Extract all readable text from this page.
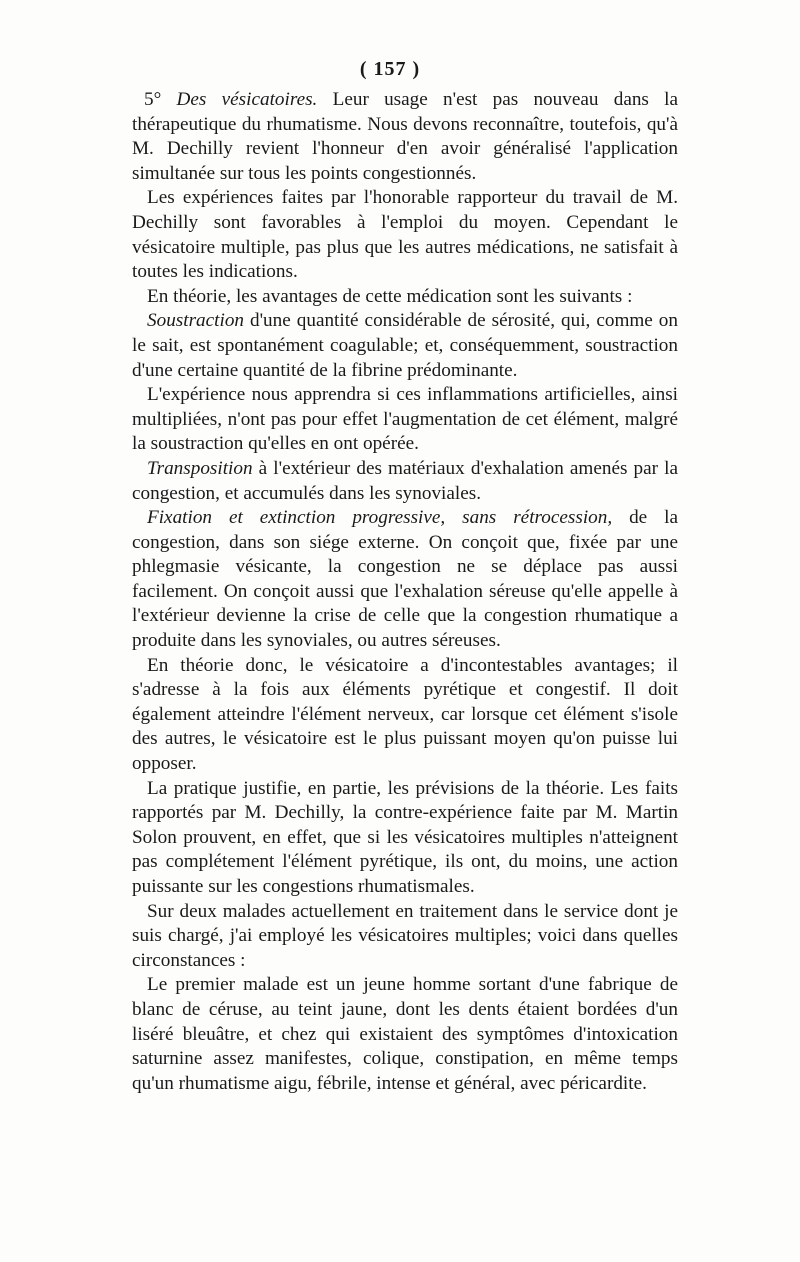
( 157 )

5° Des vésicatoires. Leur usage n'est pas nouveau dans la thérapeutique du rhumatisme. Nous devons reconnaître, toutefois, qu'à M. Dechilly revient l'honneur d'en avoir généralisé l'application simultanée sur tous les points congestionnés.

Les expériences faites par l'honorable rapporteur du travail de M. Dechilly sont favorables à l'emploi du moyen. Cependant le vésicatoire multiple, pas plus que les autres médications, ne satisfait à toutes les indications.

En théorie, les avantages de cette médication sont les suivants :

Soustraction d'une quantité considérable de sérosité, qui, comme on le sait, est spontanément coagulable; et, conséquemment, soustraction d'une certaine quantité de la fibrine prédominante.

L'expérience nous apprendra si ces inflammations artificielles, ainsi multipliées, n'ont pas pour effet l'augmentation de cet élément, malgré la soustraction qu'elles en ont opérée.

Transposition à l'extérieur des matériaux d'exhalation amenés par la congestion, et accumulés dans les synoviales.

Fixation et extinction progressive, sans rétrocession, de la congestion, dans son siége externe. On conçoit que, fixée par une phlegmasie vésicante, la congestion ne se déplace pas aussi facilement. On conçoit aussi que l'exhalation séreuse qu'elle appelle à l'extérieur devienne la crise de celle que la congestion rhumatique a produite dans les synoviales, ou autres séreuses.

En théorie donc, le vésicatoire a d'incontestables avantages; il s'adresse à la fois aux éléments pyrétique et congestif. Il doit également atteindre l'élément nerveux, car lorsque cet élément s'isole des autres, le vésicatoire est le plus puissant moyen qu'on puisse lui opposer.

La pratique justifie, en partie, les prévisions de la théorie. Les faits rapportés par M. Dechilly, la contre-expérience faite par M. Martin Solon prouvent, en effet, que si les vésicatoires multiples n'atteignent pas complétement l'élément pyrétique, ils ont, du moins, une action puissante sur les congestions rhumatismales.

Sur deux malades actuellement en traitement dans le service dont je suis chargé, j'ai employé les vésicatoires multiples; voici dans quelles circonstances :

Le premier malade est un jeune homme sortant d'une fabrique de blanc de céruse, au teint jaune, dont les dents étaient bordées d'un liséré bleuâtre, et chez qui existaient des symptômes d'intoxication saturnine assez manifestes, colique, constipation, en même temps qu'un rhumatisme aigu, fébrile, intense et général, avec péricardite.
